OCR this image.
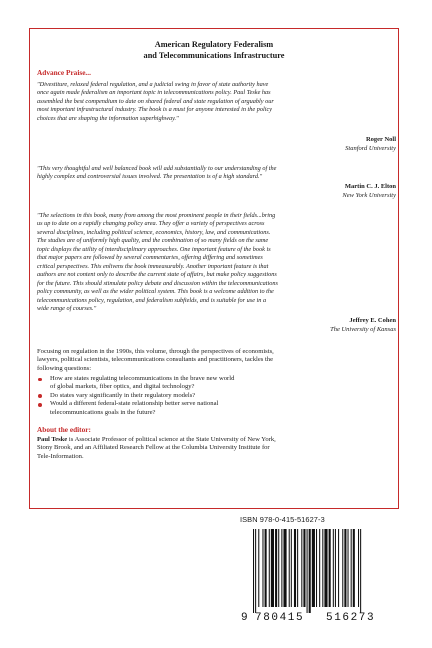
American Regulatory Federalism
and Telecommunications Infrastructure
Advance Praise...
"Divestiture, relaxed federal regulation, and a judicial swing in favor of state authority have
once again made federalism an important topic in telecommunications policy. Paul Teske has
assembled the best compendium to date on shared federal and state regulation of arguably our
most important infrastructural industry. The book is a must for anyone interested in the policy
choices that are shaping the information superhighway."
Roger Noll
Stanford University
"This very thoughtful and well balanced book will add substantially to our understanding of the
highly complex and controversial issues involved. The presentation is of a high standard."
Martin C. J. Elton
New York University
"The selections in this book, many from among the most prominent people in their fields...bring
us up to date on a rapidly changing policy area. They offer a variety of perspectives across
several disciplines, including political science, economics, history, law, and communications.
The studies are of uniformly high quality, and the combination of so many fields on the same
topic displays the utility of interdisciplinary approaches. One important feature of the book is
that major papers are followed by several commentaries, offering differing and sometimes
critical perspectives. This enlivens the book immeasurably. Another important feature is that
authors are not content only to describe the current state of affairs, but make policy suggestions
for the future. This should stimulate policy debate and discussion within the telecommunications
policy community, as well as the wider political system. This book is a welcome addition to the
telecommunications policy, regulation, and federalism subfields, and is suitable for use in a
wide range of courses."
Jeffrey E. Cohen
The University of Kansas
Focusing on regulation in the 1990s, this volume, through the perspectives of economists,
lawyers, political scientists, telecommunications consultants and practitioners, tackles the
following questions:
How are states regulating telecommunications in the brave new world
of global markets, fiber optics, and digital technology?
Do states vary significantly in their regulatory models?
Would a different federal-state relationship better serve national
telecommunications goals in the future?
About the editor:
Paul Teske is Associate Professor of political science at the State University of New York,
Stony Brook, and an Affiliated Research Fellow at the Columbia University Institute for
Tele-Information.
ISBN 978-0-415-51627-3
9 780415 516273
